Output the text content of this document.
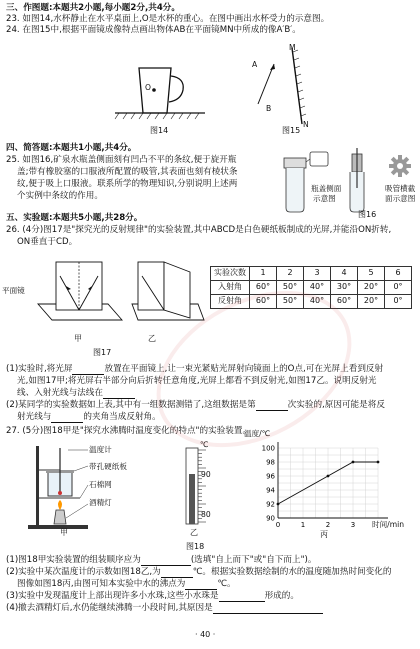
三、作图题:本题共2小题,每小题2分,共4分。
23. 如图14,水杯静止在水平桌面上,O是水杯的重心。在图中画出水杯受力的示意图。
24. 在图15中,根据平面镜成像特点画出物体AB在平面镜MN中所成的像A′B′。
O
图14
A
B
M
N
图15
四、简答题:本题共1小题,共4分。
25. 如图16,矿泉水瓶盖侧面刻有凹凸不平的条纹,便于旋开瓶
盖;带有橡胶塞的口服液所配置的吸管,其表面也刻有棱状条
纹,便于吸上口服液。联系所学的物理知识,分别说明上述两
个实例中条纹的作用。
瓶盖侧面
示意图
吸管横截
面示意图
图16
五、实验题:本题共5小题,共28分。
26. (4分)图17是"探究光的反射规律"的实验装置,其中ABCD是白色硬纸板制成的光屏,并能沿ON折转,
ON垂直于CD。
平面镜
甲	乙
图17
实验次数	1	2	3	4	5	6
入射角	60°	50°	40°	30°	20°	0°
反射角	60°	50°	40°	60°	20°	0°
(1)实验时,将光屏	放置在平面镜上,让一束光紧贴光屏射向镜面上的O点,可在光屏上看到反射
光,如图17甲;将光屏右半部分向后折转任意角度,光屏上都看不到反射光,如图17乙。说明反射光
线、入射光线与法线在
(2)某同学的实验数据如上表,其中有一组数据测错了,这组数据是第	次实验的,原因可能是将反
射光线与	的夹角当成反射角。
27. (5分)图18甲是"探究水沸腾时温度变化的特点"的实验装置。
温度计
带孔硬纸板
石棉网
酒精灯
甲
℃
90
80
乙
90
92
94
96
98
100
0	1	2	3
温度/℃
时间/min
丙
图18
(1)图18甲实验装置的组装顺序应为	(选填"自上而下"或"自下而上")。
(2)实验中某次温度计的示数如图18乙,为	℃。根据实验数据绘制的水的温度随加热时间变化的
图像如图18丙,由图可知本实验中水的沸点为	℃。
(3)实验中发现温度计上部出现许多小水珠,这些小水珠是	形成的。
(4)撤去酒精灯后,水仍能继续沸腾一小段时间,其原因是
· 40 ·
